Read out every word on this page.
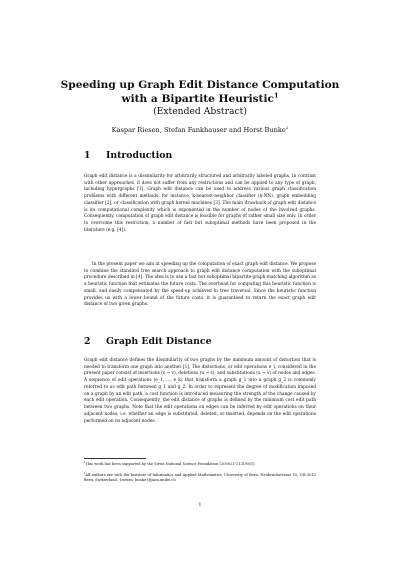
Speeding up Graph Edit Distance Computation
with a Bipartite Heuristic$^1$
(Extended Abstract)
Kaspar Riesen, Stefan Fankhauser and Horst Bunke$^2$
1 Introduction

Graph edit distance is a dissimilarity for arbitrarily structured and arbitrarily labeled graphs. In contrast with other approaches, it does not suffer from any restrictions and can be applied to any type of graph, including hypergraphs [1]. Graph edit distance can be used to address various graph classification problems with different methods, for instance, k-nearest-neighbor classifier (k-NN), graph embedding classifier [2], or classification with graph kernel machines [3]. The main drawback of graph edit distance is its computational complexity which is exponential in the number of nodes of the involved graphs. Consequently, computation of graph edit distance is feasible for graphs of rather small size only. In order to overcome this restriction, a number of fast but suboptimal methods have been proposed in the literature (e.g. [4]).

In the present paper we aim at speeding up the computation of exact graph edit distance. We propose to combine the standard tree search approach to graph edit distance computation with the suboptimal procedure described in [4]. The idea is to use a fast but suboptimal bipartite graph matching algorithm as a heuristic function that estimates the future costs. The overhead for computing this heuristic function is small, and easily compensated by the speed-up achieved in tree traversal. Since the heuristic function provides us with a lower bound of the future costs, it is guaranteed to return the exact graph edit distance of two given graphs.

2 Graph Edit Distance

Graph edit distance defines the dissimilarity of two graphs by the minimum amount of distortion that is needed to transform one graph into another [1]. The distortions, or edit operations e_i, considered in the present paper consist of insertions (ε → v), deletions (u → ε), and substitutions (u → v) of nodes and edges. A sequence of edit operations (e_1, ..., e_k) that transform a graph g_1 into a graph g_2 is commonly referred to as edit path between g_1 and g_2. In order to represent the degree of modification imposed on a graph by an edit path, a cost function is introduced measuring the strength of the change caused by each edit operation. Consequently, the edit distance of graphs is defined by the minimum cost edit path between two graphs. Note that the edit operations on edges can be inferred by edit operations on their adjacent nodes, i.e. whether an edge is substituted, deleted, or inserted, depends on the edit operations performed on its adjacent nodes.

$^1$This work has been supported by the Swiss National Science Foundation (200021-113198/1).

$^2$All authors are with the Institute of Informatics and Applied Mathematics, University of Bern, Neubrückstrasse 10, CH-3012 Bern, Switzerland, {riesen, bunke}@iam.unibe.ch

1
